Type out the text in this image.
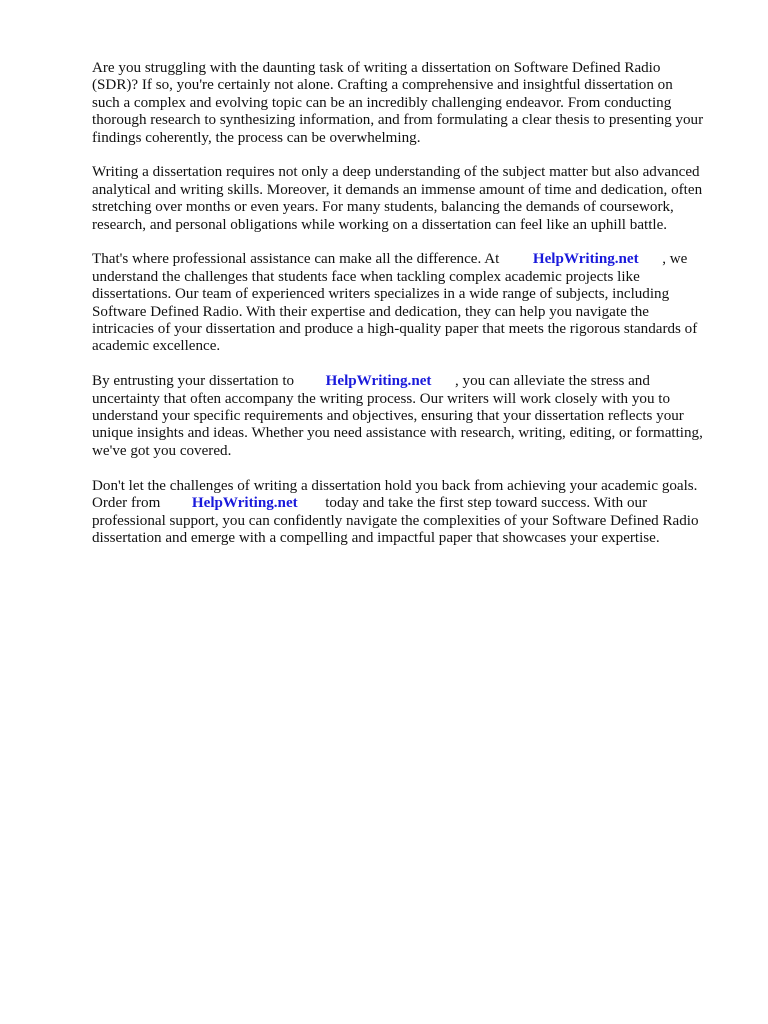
Are you struggling with the daunting task of writing a dissertation on Software Defined Radio
(SDR)? If so, you're certainly not alone. Crafting a comprehensive and insightful dissertation on
such a complex and evolving topic can be an incredibly challenging endeavor. From conducting
thorough research to synthesizing information, and from formulating a clear thesis to presenting your
findings coherently, the process can be overwhelming.
Writing a dissertation requires not only a deep understanding of the subject matter but also advanced
analytical and writing skills. Moreover, it demands an immense amount of time and dedication, often
stretching over months or even years. For many students, balancing the demands of coursework,
research, and personal obligations while working on a dissertation can feel like an uphill battle.
That's where professional assistance can make all the difference. At HelpWriting.net , we
understand the challenges that students face when tackling complex academic projects like
dissertations. Our team of experienced writers specializes in a wide range of subjects, including
Software Defined Radio. With their expertise and dedication, they can help you navigate the
intricacies of your dissertation and produce a high-quality paper that meets the rigorous standards of
academic excellence.
By entrusting your dissertation to HelpWriting.net , you can alleviate the stress and
uncertainty that often accompany the writing process. Our writers will work closely with you to
understand your specific requirements and objectives, ensuring that your dissertation reflects your
unique insights and ideas. Whether you need assistance with research, writing, editing, or formatting,
we've got you covered.
Don't let the challenges of writing a dissertation hold you back from achieving your academic goals.
Order from HelpWriting.net today and take the first step toward success. With our
professional support, you can confidently navigate the complexities of your Software Defined Radio
dissertation and emerge with a compelling and impactful paper that showcases your expertise.
